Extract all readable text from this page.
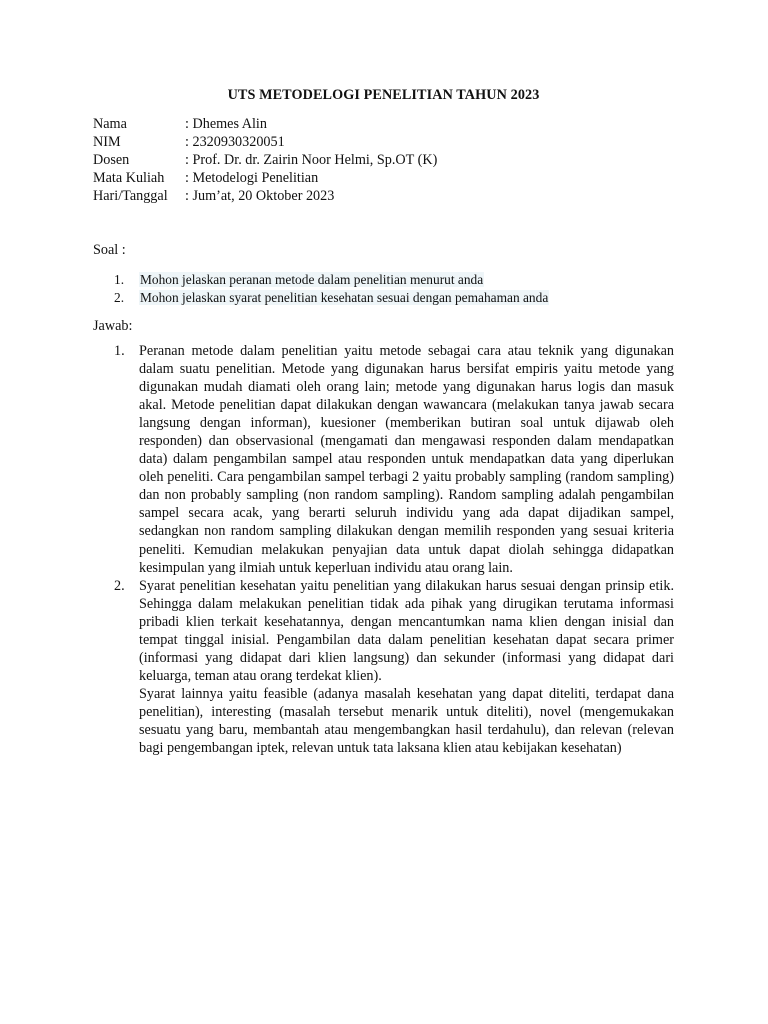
UTS METODELOGI PENELITIAN TAHUN 2023
Nama	: Dhemes Alin
NIM	: 2320930320051
Dosen	: Prof. Dr. dr. Zairin Noor Helmi, Sp.OT (K)
Mata Kuliah	: Metodelogi Penelitian
Hari/Tanggal	: Jum’at, 20 Oktober 2023
Soal :
1. Mohon jelaskan peranan metode dalam penelitian menurut anda
2. Mohon jelaskan syarat penelitian kesehatan sesuai dengan pemahaman anda
Jawab:
1. Peranan metode dalam penelitian yaitu metode sebagai cara atau teknik yang digunakan dalam suatu penelitian. Metode yang digunakan harus bersifat empiris yaitu metode yang digunakan mudah diamati oleh orang lain; metode yang digunakan harus logis dan masuk akal. Metode penelitian dapat dilakukan dengan wawancara (melakukan tanya jawab secara langsung dengan informan), kuesioner (memberikan butiran soal untuk dijawab oleh responden) dan observasional (mengamati dan mengawasi responden dalam mendapatkan data) dalam pengambilan sampel atau responden untuk mendapatkan data yang diperlukan oleh peneliti. Cara pengambilan sampel terbagi 2 yaitu probably sampling (random sampling) dan non probably sampling (non random sampling). Random sampling adalah pengambilan sampel secara acak, yang berarti seluruh individu yang ada dapat dijadikan sampel, sedangkan non random sampling dilakukan dengan memilih responden yang sesuai kriteria peneliti. Kemudian melakukan penyajian data untuk dapat diolah sehingga didapatkan kesimpulan yang ilmiah untuk keperluan individu atau orang lain.

2. Syarat penelitian kesehatan yaitu penelitian yang dilakukan harus sesuai dengan prinsip etik. Sehingga dalam melakukan penelitian tidak ada pihak yang dirugikan terutama informasi pribadi klien terkait kesehatannya, dengan mencantumkan nama klien dengan inisial dan tempat tinggal inisial. Pengambilan data dalam penelitian kesehatan dapat secara primer (informasi yang didapat dari klien langsung) dan sekunder (informasi yang didapat dari keluarga, teman atau orang terdekat klien).

Syarat lainnya yaitu feasible (adanya masalah kesehatan yang dapat diteliti, terdapat dana penelitian), interesting (masalah tersebut menarik untuk diteliti), novel (mengemukakan sesuatu yang baru, membantah atau mengembangkan hasil terdahulu), dan relevan (relevan bagi pengembangan iptek, relevan untuk tata laksana klien atau kebijakan kesehatan)
